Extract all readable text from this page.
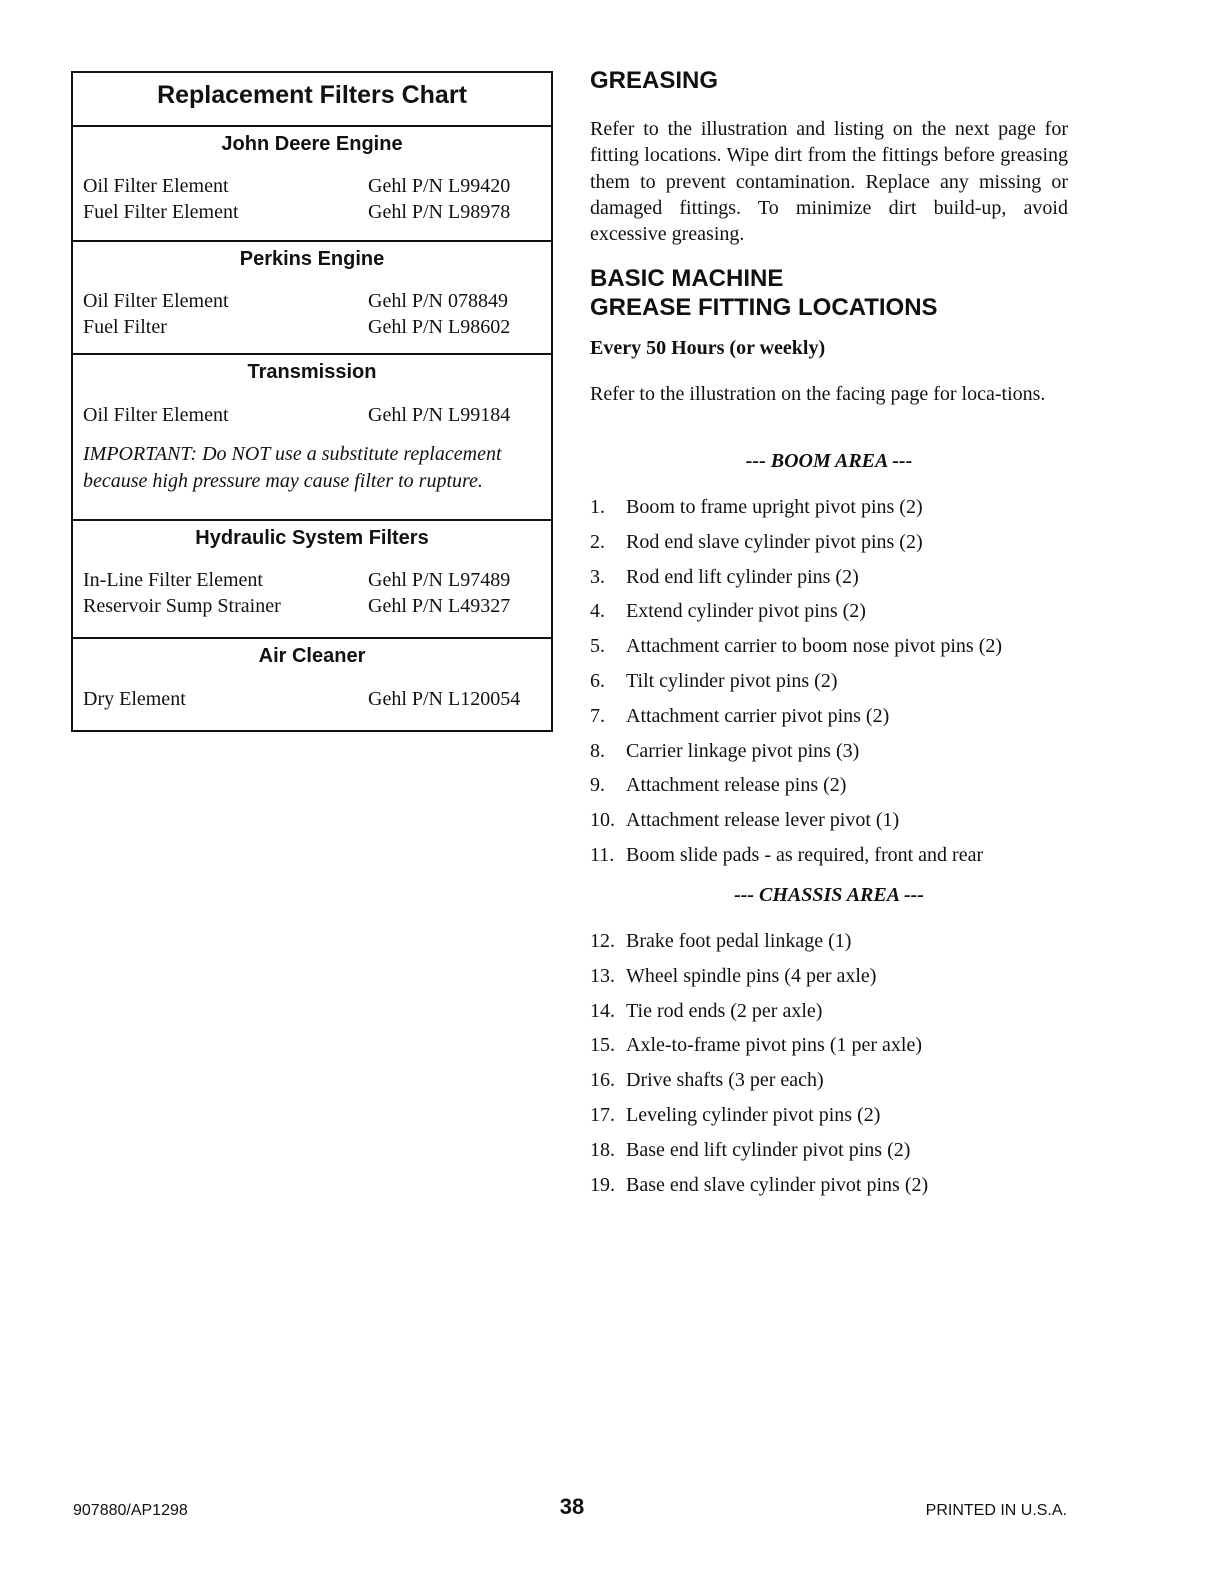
Replacement Filters Chart
John Deere Engine
Oil Filter Element	Gehl P/N L99420
Fuel Filter Element	Gehl P/N L98978
Perkins Engine
Oil Filter Element	Gehl P/N 078849
Fuel Filter	Gehl P/N L98602
Transmission
Oil Filter Element	Gehl P/N L99184
IMPORTANT: Do NOT use a substitute replacement because high pressure may cause filter to rupture.
Hydraulic System Filters
In-Line Filter Element	Gehl P/N L97489
Reservoir Sump Strainer	Gehl P/N L49327
Air Cleaner
Dry Element	Gehl P/N L120054
GREASING

Refer to the illustration and listing on the next page for fitting locations. Wipe dirt from the fittings before greasing them to prevent contamination. Replace any missing or damaged fittings. To minimize dirt build-up, avoid excessive greasing.

BASIC MACHINE
GREASE FITTING LOCATIONS
Every 50 Hours (or weekly)

Refer to the illustration on the facing page for loca-tions.

--- BOOM AREA ---
1.	Boom to frame upright pivot pins (2)
2.	Rod end slave cylinder pivot pins (2)
3.	Rod end lift cylinder pins (2)
4.	Extend cylinder pivot pins (2)
5.	Attachment carrier to boom nose pivot pins (2)
6.	Tilt cylinder pivot pins (2)
7.	Attachment carrier pivot pins (2)
8.	Carrier linkage pivot pins (3)
9.	Attachment release pins (2)
10. Attachment release lever pivot (1)
11. Boom slide pads - as required, front and rear
--- CHASSIS AREA ---
12. Brake foot pedal linkage (1)
13. Wheel spindle pins (4 per axle)
14. Tie rod ends (2 per axle)
15. Axle-to-frame pivot pins (1 per axle)
16. Drive shafts (3 per each)
17. Leveling cylinder pivot pins (2)
18. Base end lift cylinder pivot pins (2)
19. Base end slave cylinder pivot pins (2)
907880/AP1298	38	PRINTED IN U.S.A.
